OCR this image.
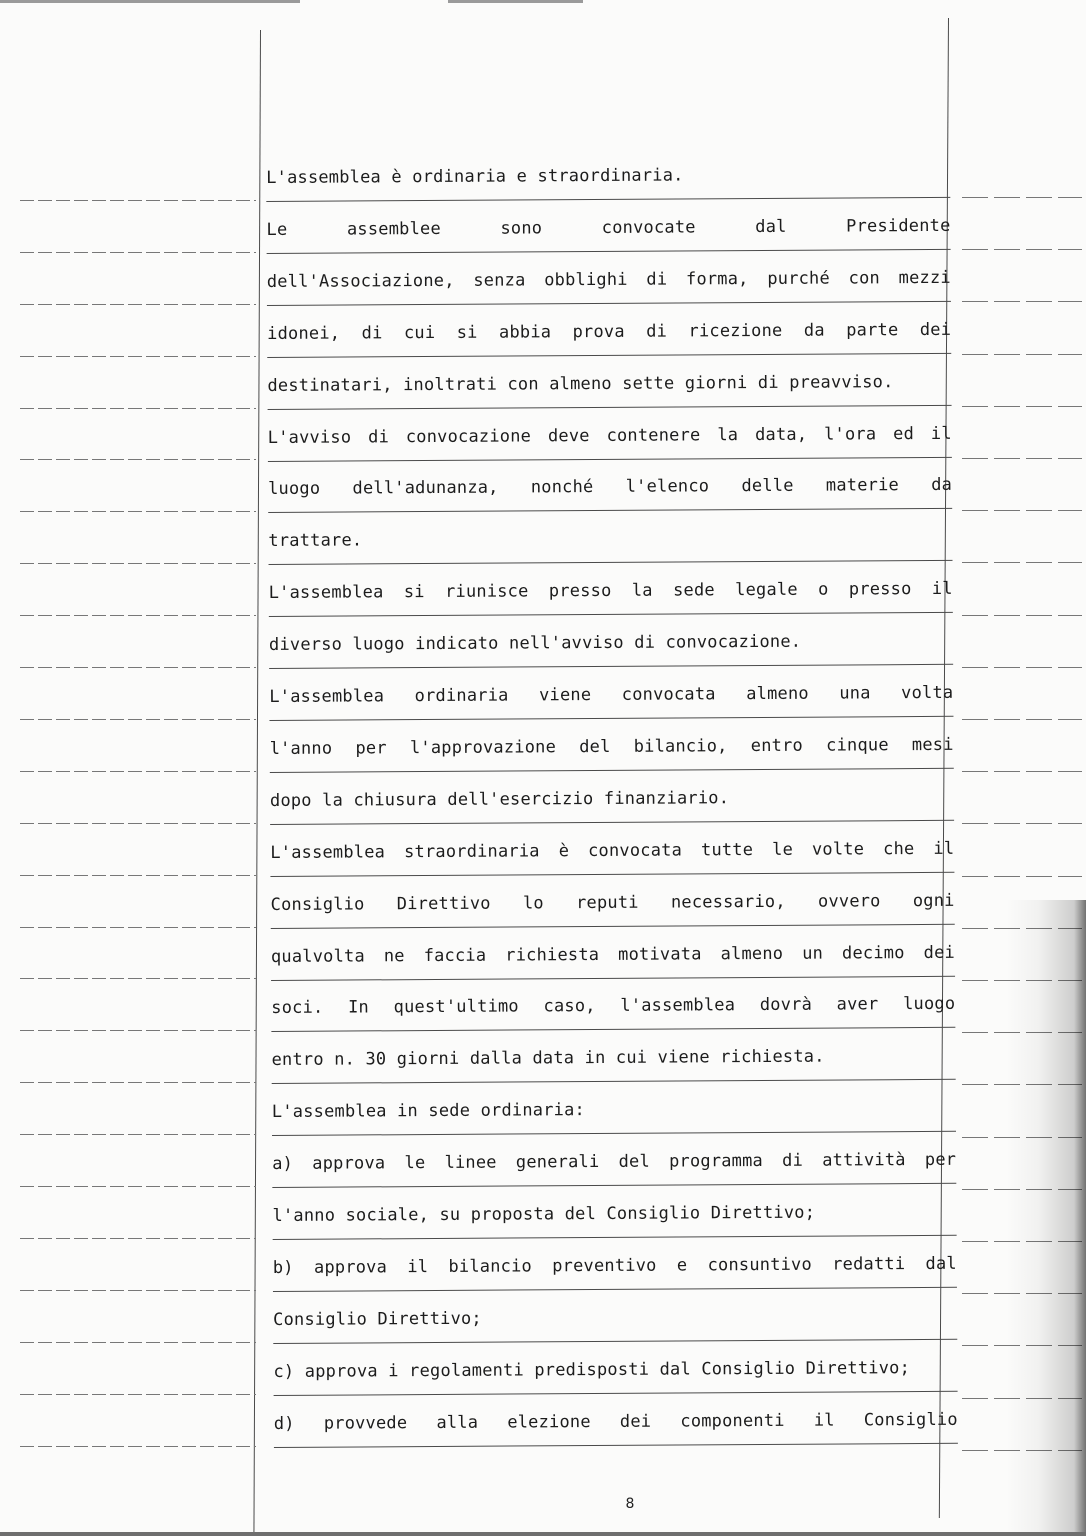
L'assemblea è ordinaria e straordinaria.
Le assemblee sono convocate dal Presidente
dell'Associazione, senza obblighi di forma, purché con mezzi
idonei, di cui si abbia prova di ricezione da parte dei
destinatari, inoltrati con almeno sette giorni di preavviso.
L'avviso di convocazione deve contenere la data, l'ora ed il
luogo dell'adunanza, nonché l'elenco delle materie da
trattare.
L'assemblea si riunisce presso la sede legale o presso il
diverso luogo indicato nell'avviso di convocazione.
L'assemblea ordinaria viene convocata almeno una volta
l'anno per l'approvazione del bilancio, entro cinque mesi
dopo la chiusura dell'esercizio finanziario.
L'assemblea straordinaria è convocata tutte le volte che il
Consiglio Direttivo lo reputi necessario, ovvero ogni
qualvolta ne faccia richiesta motivata almeno un decimo dei
soci. In quest'ultimo caso, l'assemblea dovrà aver luogo
entro n. 30 giorni dalla data in cui viene richiesta.
L'assemblea in sede ordinaria:
a) approva le linee generali del programma di attività per
l'anno sociale, su proposta del Consiglio Direttivo;
b) approva il bilancio preventivo e consuntivo redatti dal
Consiglio Direttivo;
c) approva i regolamenti predisposti dal Consiglio Direttivo;
d) provvede alla elezione dei componenti il Consiglio
8
